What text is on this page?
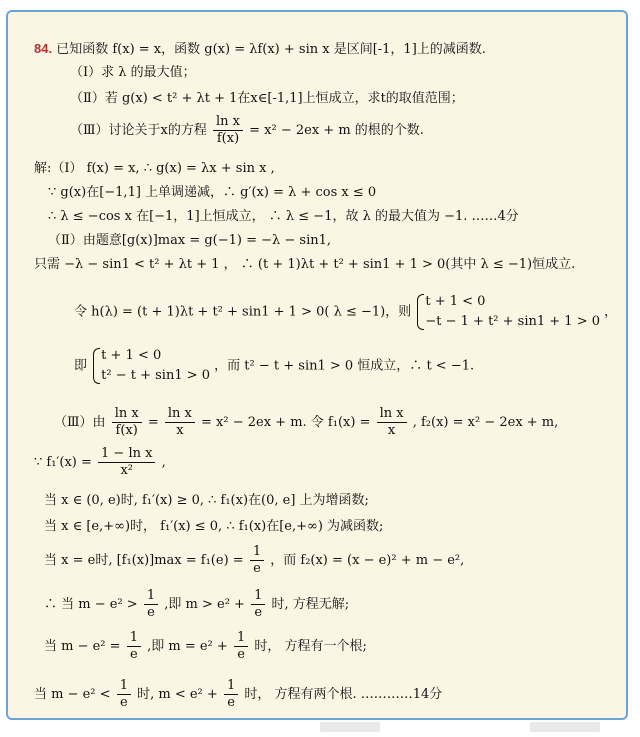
84. 已知函数 f(x) = x，函数 g(x) = λf(x) + sin x 是区间[-1，1]上的减函数.
（Ⅰ）求 λ 的最大值；
（Ⅱ）若 g(x) < t² + λt + 1在x∈[-1,1]上恒成立，求t的取值范围；
（Ⅲ）讨论关于x的方程 $\frac{\text{ln x}}{f(x)} = x^2 - 2ex + m$ 的根的个数.
解:（Ⅰ） f(x) = x, ∴ g(x) = λx + sin x ,
∵ g(x)在[−1,1] 上单调递减，∴ g′(x) = λ + cos x ≤ 0
∴ λ ≤ −cos x 在[−1，1]上恒成立， ∴ λ ≤ −1，故 λ 的最大值为 −1. ……4分
（Ⅱ）由题意[g(x)]max = g(−1) = −λ − sin1,
只需 −λ − sin1 < t² + λt + 1 ， ∴ (t + 1)λt + t² + sin1 + 1 > 0(其中 λ ≤ −1)恒成立.
令 h(λ) = (t + 1)λt + t² + sin1 + 1 > 0( λ ≤ −1)，则
t + 1 < 0
−t − 1 + t² + sin1 + 1 > 0
，
即
t + 1 < 0
t² − t + sin1 > 0
，而 t² − t + sin1 > 0 恒成立，∴ t < −1.
（Ⅲ）由 $\frac{\text{ln x}}{f(x)} = \frac{\text{ln x}}{x} = x^2 - 2ex + m$. 令 $f_1(x) = \frac{\text{ln x}}{x}$ , f₂(x) = x² − 2ex + m,
∵ $f_1'(x) = \frac{\text{1 − ln x}}{\text{x²}}$ ,
当 x ∈ (0, e)时, f₁′(x) ≥ 0, ∴ f₁(x)在(0, e] 上为增函数;
当 x ∈ [e,+∞)时， f₁′(x) ≤ 0, ∴ f₁(x)在[e,+∞) 为减函数;
当 x = e时, $[f_1(x)]\max = f_1(e) = \frac{1}{e}$ ，而 f₂(x) = (x − e)² + m − e²,
∴ 当 $m - e^2 > \frac{1}{e}$ ,即 $m > e^2 + \frac{1}{e}$ 时, 方程无解;
当 $m - e^2 = \frac{1}{e}$ ,即 $m = e^2 + \frac{1}{e}$ 时， 方程有一个根;
当 $m - e^2 < \frac{1}{e}$ 时, $m < e^2 + \frac{1}{e}$ 时， 方程有两个根. …………14分
